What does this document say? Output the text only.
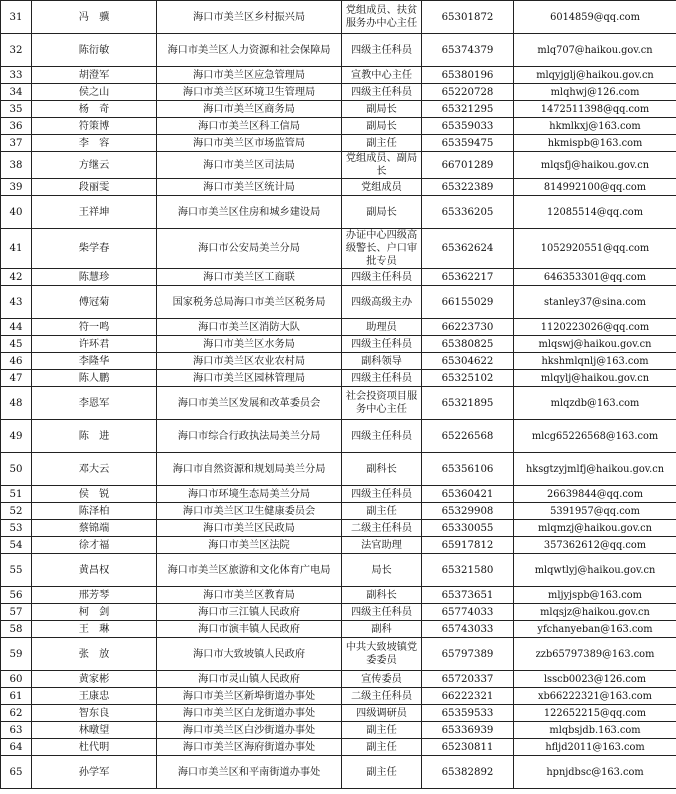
31	冯　骥	海口市美兰区乡村振兴局	党组成员、扶贫服务办中心主任	65301872	6014859@qq.com
32	陈衍敏	海口市美兰区人力资源和社会保障局	四级主任科员	65374379	mlq707@haikou.gov.cn
33	胡澄军	海口市美兰区应急管理局	宣教中心主任	65380196	mlqyjglj@haikou.gov.cn
34	侯之山	海口市美兰区环境卫生管理局	四级主任科员	65220728	mlqhwj@126.com
35	杨　奇	海口市美兰区商务局	副局长	65321295	1472511398@qq.com
36	符策博	海口市美兰区科工信局	副局长	65359033	hkmlkxj@163.com
37	李　容	海口市美兰区市场监管局	副主任	65359475	hkmispb@163.com
38	方继云	海口市美兰区司法局	党组成员、副局长	66701289	mlqsfj@haikou.gov.cn
39	段丽雯	海口市美兰区统计局	党组成员	65322389	814992100@qq.com
40	王祥坤	海口市美兰区住房和城乡建设局	副局长	65336205	12085514@qq.com
41	柴学春	海口市公安局美兰分局	办证中心四级高级警长、户口审批专员	65362624	1052920551@qq.com
42	陈慧珍	海口市美兰区工商联	四级主任科员	65362217	646353301@qq.com
43	傅冠菊	国家税务总局海口市美兰区税务局	四级高级主办	66155029	stanley37@sina.com
44	符一鸣	海口市美兰区消防大队	助理员	66223730	1120223026@qq.com
45	许环君	海口市美兰区水务局	四级主任科员	65380825	mlqswj@haikou.gov.cn
46	李隆华	海口市美兰区农业农村局	副科领导	65304622	hkshmlqnlj@163.com
47	陈人鹏	海口市美兰区园林管理局	四级主任科员	65325102	mlqylj@haikou.gov.cn
48	李恩军	海口市美兰区发展和改革委员会	社会投资项目服务中心主任	65321895	mlqzdb@163.com
49	陈　进	海口市综合行政执法局美兰分局	四级主任科员	65226568	mlcg65226568@163.com
50	邓大云	海口市自然资源和规划局美兰分局	副科长	65356106	hksgtzyjmlfj@haikou.gov.cn
51	侯　锐	海口市环境生态局美兰分局	四级主任科员	65360421	26639844@qq.com
52	陈泽柏	海口市美兰区卫生健康委员会	副主任	65329908	5391957@qq.com
53	蔡锦端	海口市美兰区民政局	二级主任科员	65330055	mlqmzj@haikou.gov.cn
54	徐才福	海口市美兰区法院	法官助理	65917812	357362612@qq.com
55	黄昌权	海口市美兰区旅游和文化体育广电局	局长	65321580	mlqwtlyj@haikou.gov.cn
56	邢芳琴	海口市美兰区教育局	副科长	65373651	mljyjspb@163.com
57	柯　剑	海口市三江镇人民政府	四级主任科员	65774033	mlqsjz@haikou.gov.cn
58	王　琳	海口市演丰镇人民政府	副科	65743033	yfchanyeban@163.com
59	张　放	海口市大致坡镇人民政府	中共大致坡镇党委委员	65797389	zzb65797389@163.com
60	黄家彬	海口市灵山镇人民政府	宣传委员	65720337	lsscb0023@126.com
61	王康忠	海口市美兰区新埠街道办事处	二级主任科员	66222321	xb66222321@163.com
62	智东良	海口市美兰区白龙街道办事处	四级调研员	65359533	122652215@qq.com
63	林暾望	海口市美兰区白沙街道办事处	副主任	65336939	mlqbsjdb.163.com
64	杜代明	海口市美兰区海府街道办事处	副主任	65230811	hfljd2011@163.com
65	孙学军	海口市美兰区和平南街道办事处	副主任	65382892	hpnjdbsc@163.com
